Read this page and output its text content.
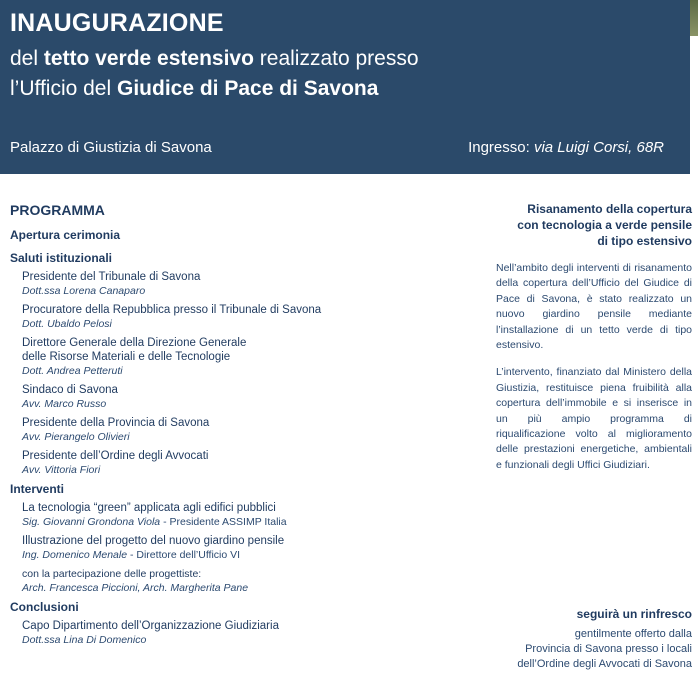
INAUGURAZIONE
del tetto verde estensivo realizzato presso
l’Ufficio del Giudice di Pace di Savona
Palazzo di Giustizia di Savona	Ingresso: via Luigi Corsi, 68R
PROGRAMMA
Apertura cerimonia
Saluti istituzionali
Presidente del Tribunale di Savona
Dott.ssa Lorena Canaparo
Procuratore della Repubblica presso il Tribunale di Savona
Dott. Ubaldo Pelosi
Direttore Generale della Direzione Generale
delle Risorse Materiali e delle Tecnologie
Dott. Andrea Petteruti
Sindaco di Savona
Avv. Marco Russo
Presidente della Provincia di Savona
Avv. Pierangelo Olivieri
Presidente dell’Ordine degli Avvocati
Avv. Vittoria Fiori
Interventi
La tecnologia “green” applicata agli edifici pubblici
Sig. Giovanni Grondona Viola - Presidente ASSIMP Italia
Illustrazione del progetto del nuovo giardino pensile
Ing. Domenico Menale - Direttore dell’Ufficio VI
con la partecipazione delle progettiste:
Arch. Francesca Piccioni, Arch. Margherita Pane
Conclusioni
Capo Dipartimento dell’Organizzazione Giudiziaria
Dott.ssa Lina Di Domenico
Risanamento della copertura
con tecnologia a verde pensile
di tipo estensivo
Nell’ambito degli interventi di risanamento della copertura dell’Ufficio del Giudice di Pace di Savona, è stato realizzato un nuovo giardino pensile mediante l’installazione di un tetto verde di tipo estensivo.
L’intervento, finanziato dal Ministero della Giustizia, restituisce piena fruibilità alla copertura dell’immobile e si inserisce in un più ampio programma di riqualificazione volto al miglioramento delle prestazioni energetiche, ambientali e funzionali degli Uffici Giudiziari.
seguirà un rinfresco
gentilmente offerto dalla
Provincia di Savona presso i locali
dell’Ordine degli Avvocati di Savona
